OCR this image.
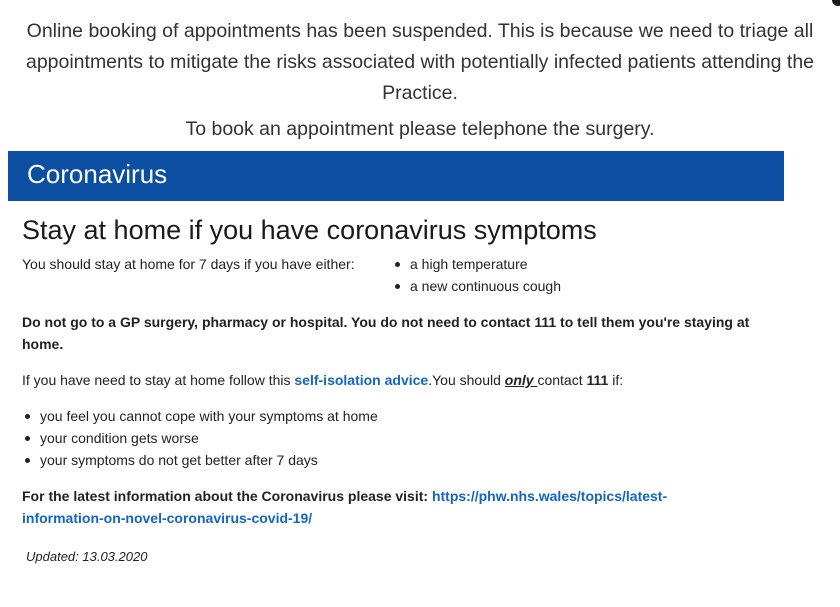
Online booking of appointments has been suspended. This is because we need to triage all appointments to mitigate the risks associated with potentially infected patients attending the Practice.

To book an appointment please telephone the surgery.

Coronavirus
Stay at home if you have coronavirus symptoms
You should stay at home for 7 days if you have either:	a high temperature
a new continuous cough

Do not go to a GP surgery, pharmacy or hospital. You do not need to contact 111 to tell them you're staying at home.

If you have need to stay at home follow this self-isolation advice.You should only contact 111 if:

you feel you cannot cope with your symptoms at home
your condition gets worse
your symptoms do not get better after 7 days

For the latest information about the Coronavirus please visit: https://phw.nhs.wales/topics/latest-information-on-novel-coronavirus-covid-19/

Updated: 13.03.2020
